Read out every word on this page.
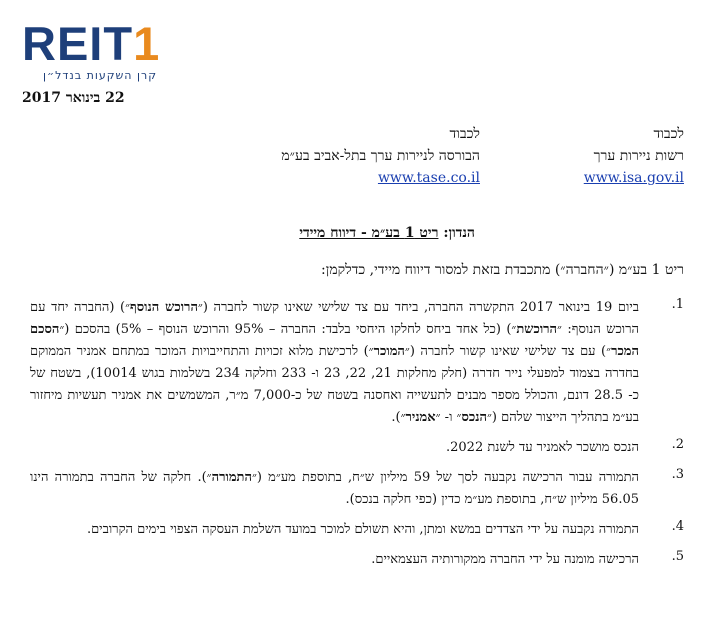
REIT1
קרן השקעות בנדל״ן
22 בינואר 2017
לכבוד
רשות ניירות ערך
www.isa.gov.il
לכבוד
הבורסה לניירות ערך בתל-אביב בע״מ
www.tase.co.il
הנדון: ריט 1 בע״מ - דיווח מיידי
ריט 1 בע״מ (״החברה״) מתכבדת בזאת למסור דיווח מיידי, כדלקמן:
1.
ביום 19 בינואר 2017 התקשרה החברה, ביחד עם צד שלישי שאינו קשור לחברה (״הרוכש הנוסף״) (החברה יחד עם הרוכש הנוסף: ״הרוכשת״) (כל אחד ביחס לחלקו היחסי בלבד: החברה – 95% והרוכש הנוסף – 5%) בהסכם (״הסכם המכר״) עם צד שלישי שאינו קשור לחברה (״המוכר״) לרכישת מלוא זכויות והתחייבויות המוכר במתחם אמניר הממוקם בחדרה בצמוד למפעלי נייר חדרה (חלק מחלקות 21, 22, 23 ו- 233 וחלקה 234 בשלמות בגוש 10014), בשטח של כ- 28.5 דונם, והכולל מספר מבנים לתעשייה ואחסנה בשטח של כ-7,000 מ״ר, המשמשים את אמניר תעשיות מיחזור בע״מ בתהליך הייצור שלהם (״הנכס״ ו- ״אמניר״).
2.
הנכס מושכר לאמניר עד לשנת 2022.
3.
התמורה עבור הרכישה נקבעה לסך של 59 מיליון ש״ח, בתוספת מע״מ (״התמורה״). חלקה של החברה בתמורה הינו 56.05 מיליון ש״ח, בתוספת מע״מ כדין (כפי חלקה בנכס).
4.
התמורה נקבעה על ידי הצדדים במשא ומתן, והיא תשולם למוכר במועד השלמת העסקה הצפוי בימים הקרובים.
5.
הרכישה מומנה על ידי החברה ממקורותיה העצמאיים.
